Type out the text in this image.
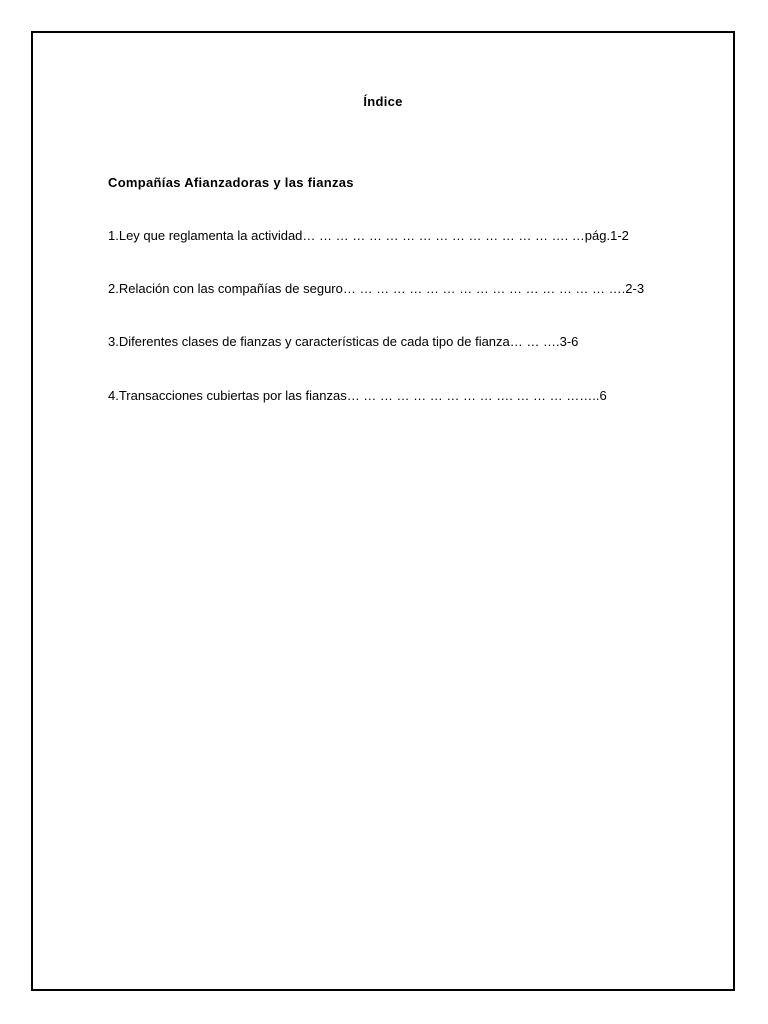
Índice
Compañías Afianzadoras y las fianzas
1.Ley que reglamenta la actividad… … … … … … … … … … … … … … … …. …pág.1-2
2.Relación con las compañías de seguro… … … … … … … … … … … … … … … … ….2-3
3.Diferentes clases de fianzas y características de cada tipo de fianza… … ….3-6
4.Transacciones cubiertas por las fianzas… … … … … … … … … …. … … … ……..6
